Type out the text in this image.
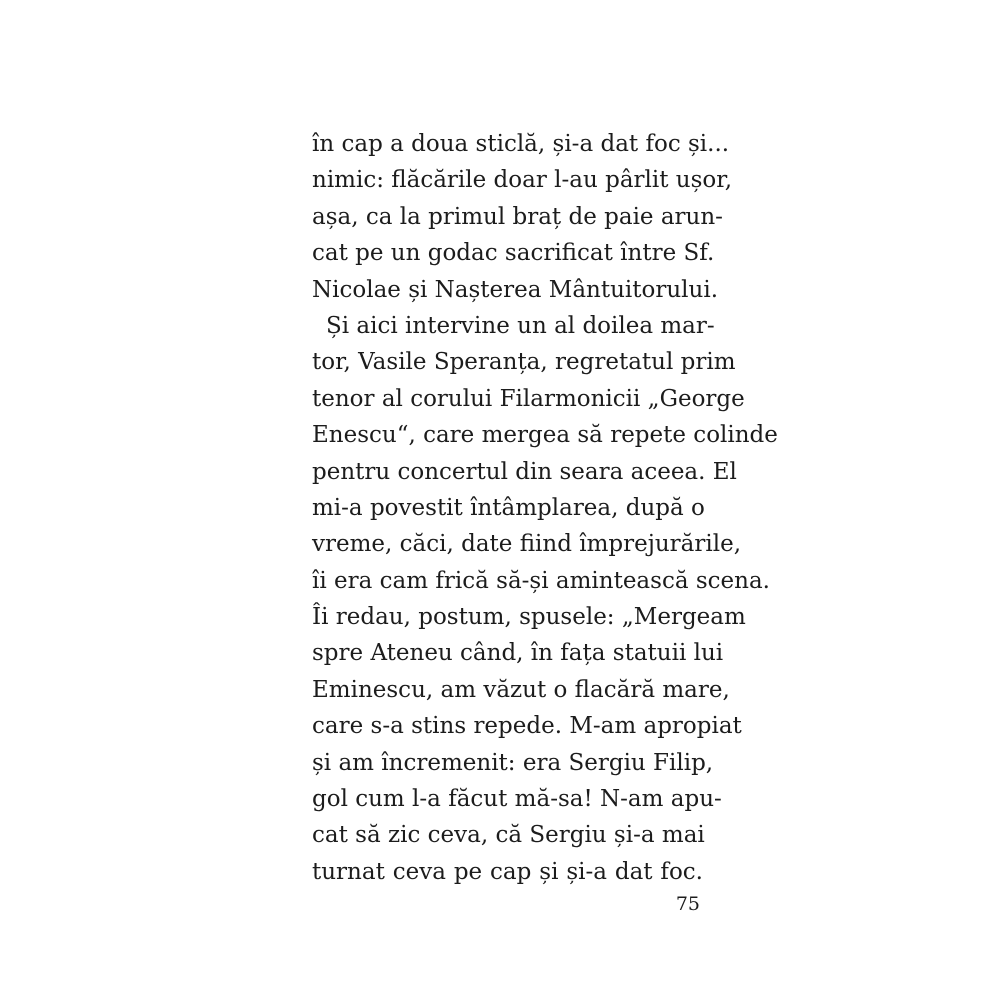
în cap a doua sticlă, și-a dat foc și...
nimic: flăcările doar l-au pârlit ușor,
așa, ca la primul braț de paie arun-
cat pe un godac sacrificat între Sf.
Nicolae și Nașterea Mântuitorului.
Și aici intervine un al doilea mar-
tor, Vasile Speranța, regretatul prim
tenor al corului Filarmonicii „George
Enescu“, care mergea să repete colinde
pentru concertul din seara aceea. El
mi-a povestit întâmplarea, după o
vreme, căci, date fiind împrejurările,
îi era cam frică să-și amintească scena.
Îi redau, postum, spusele: „Mergeam
spre Ateneu când, în fața statuii lui
Eminescu, am văzut o flacără mare,
care s-a stins repede. M-am apropiat
și am încremenit: era Sergiu Filip,
gol cum l-a făcut mă-sa! N-am apu-
cat să zic ceva, că Sergiu și-a mai
turnat ceva pe cap și și-a dat foc.
75
